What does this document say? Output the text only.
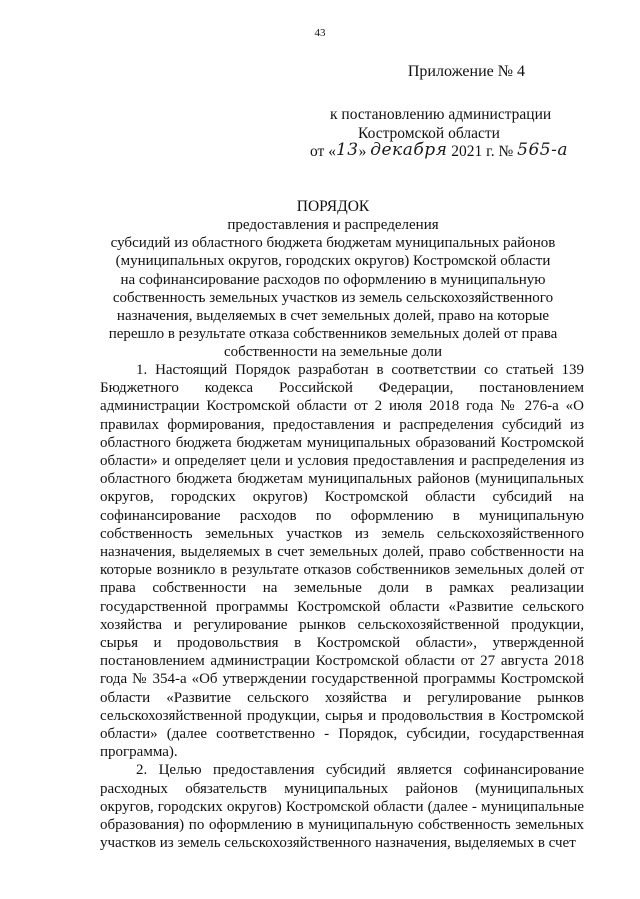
43
Приложение № 4
к постановлению администрации
Костромской области
от «13» декабря 2021 г. № 565-а
ПОРЯДОК
предоставления и распределения
субсидий из областного бюджета бюджетам муниципальных районов
(муниципальных округов, городских округов) Костромской области
на софинансирование расходов по оформлению в муниципальную
собственность земельных участков из земель сельскохозяйственного
назначения, выделяемых в счет земельных долей, право на которые
перешло в результате отказа собственников земельных долей от права
собственности на земельные доли

1. Настоящий Порядок разработан в соответствии со статьей 139 Бюджетного кодекса Российской Федерации, постановлением администрации Костромской области от 2 июля 2018 года № 276-а «О правилах формирования, предоставления и распределения субсидий из областного бюджета бюджетам муниципальных образований Костромской области» и определяет цели и условия предоставления и распределения из областного бюджета бюджетам муниципальных районов (муниципальных округов, городских округов) Костромской области субсидий на софинансирование расходов по оформлению в муниципальную собственность земельных участков из земель сельскохозяйственного назначения, выделяемых в счет земельных долей, право собственности на которые возникло в результате отказов собственников земельных долей от права собственности на земельные доли в рамках реализации государственной программы Костромской области «Развитие сельского хозяйства и регулирование рынков сельскохозяйственной продукции, сырья и продовольствия в Костромской области», утвержденной постановлением администрации Костромской области от 27 августа 2018 года № 354-а «Об утверждении государственной программы Костромской области «Развитие сельского хозяйства и регулирование рынков сельскохозяйственной продукции, сырья и продовольствия в Костромской области» (далее соответственно - Порядок, субсидии, государственная программа).

2. Целью предоставления субсидий является софинансирование расходных обязательств муниципальных районов (муниципальных округов, городских округов) Костромской области (далее - муниципальные образования) по оформлению в муниципальную собственность земельных участков из земель сельскохозяйственного назначения, выделяемых в счет
